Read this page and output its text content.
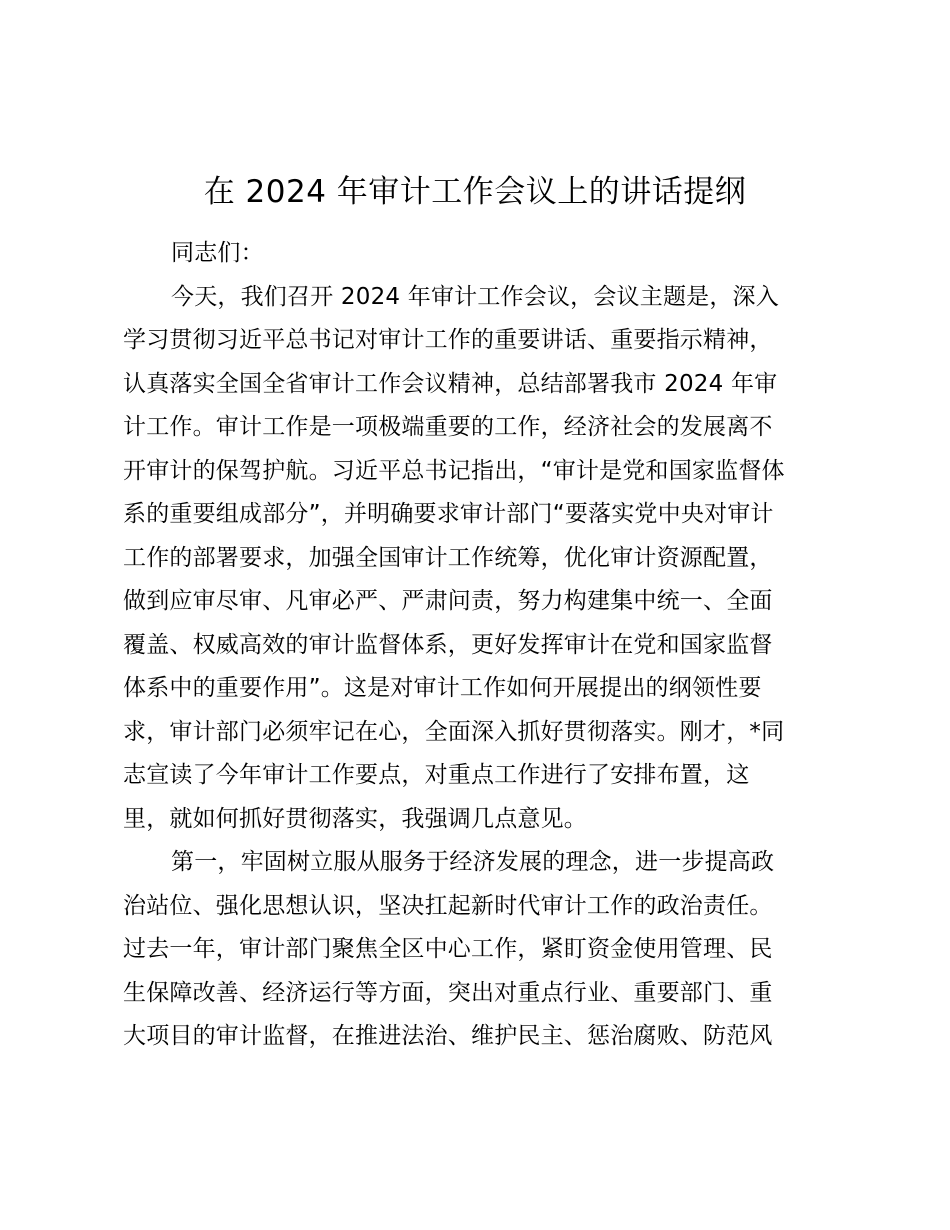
在 2024 年审计工作会议上的讲话提纲
同志们：
今天，我们召开 2024 年审计工作会议，会议主题是，深入
学习贯彻习近平总书记对审计工作的重要讲话、重要指示精神，
认真落实全国全省审计工作会议精神，总结部署我市 2024 年审
计工作。审计工作是一项极端重要的工作，经济社会的发展离不
开审计的保驾护航。习近平总书记指出，“审计是党和国家监督体
系的重要组成部分”，并明确要求审计部门“要落实党中央对审计
工作的部署要求，加强全国审计工作统筹，优化审计资源配置，
做到应审尽审、凡审必严、严肃问责，努力构建集中统一、全面
覆盖、权威高效的审计监督体系，更好发挥审计在党和国家监督
体系中的重要作用”。这是对审计工作如何开展提出的纲领性要
求，审计部门必须牢记在心，全面深入抓好贯彻落实。刚才，*同
志宣读了今年审计工作要点，对重点工作进行了安排布置，这
里，就如何抓好贯彻落实，我强调几点意见。
第一，牢固树立服从服务于经济发展的理念，进一步提高政
治站位、强化思想认识，坚决扛起新时代审计工作的政治责任。
过去一年，审计部门聚焦全区中心工作，紧盯资金使用管理、民
生保障改善、经济运行等方面，突出对重点行业、重要部门、重
大项目的审计监督，在推进法治、维护民主、惩治腐败、防范风
